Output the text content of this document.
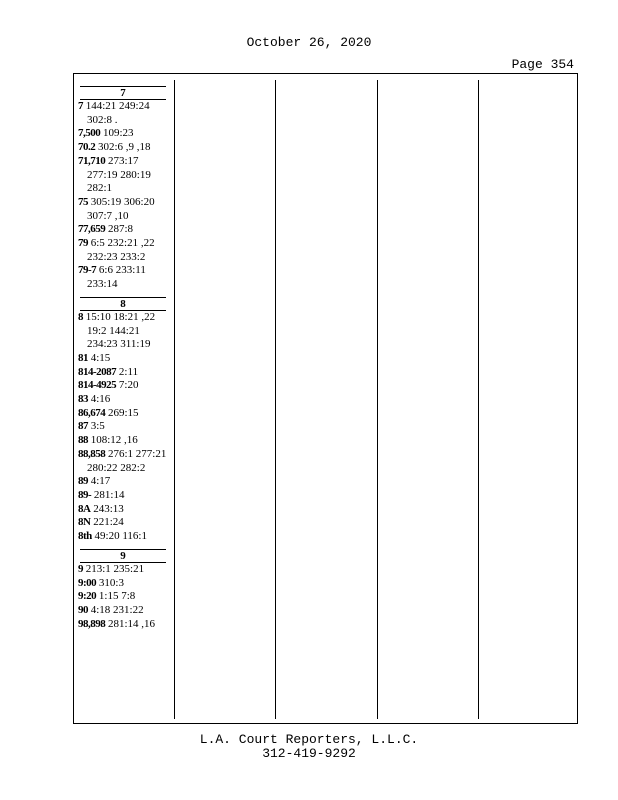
October 26, 2020
Page 354
7
7 144:21 249:24 302:8 .
7,500 109:23
70.2 302:6 ,9 ,18
71,710 273:17 277:19 280:19 282:1
75 305:19 306:20 307:7 ,10
77,659 287:8
79 6:5 232:21 ,22 232:23 233:2
79-7 6:6 233:11 233:14
8
8 15:10 18:21 ,22 19:2 144:21 234:23 311:19
81 4:15
814-2087 2:11
814-4925 7:20
83 4:16
86,674 269:15
87 3:5
88 108:12 ,16
88,858 276:1 277:21 280:22 282:2
89 4:17
89- 281:14
8A 243:13
8N 221:24
8th 49:20 116:1
9
9 213:1 235:21
9:00 310:3
9:20 1:15 7:8
90 4:18 231:22
98,898 281:14 ,16
L.A. Court Reporters, L.L.C.
312-419-9292
